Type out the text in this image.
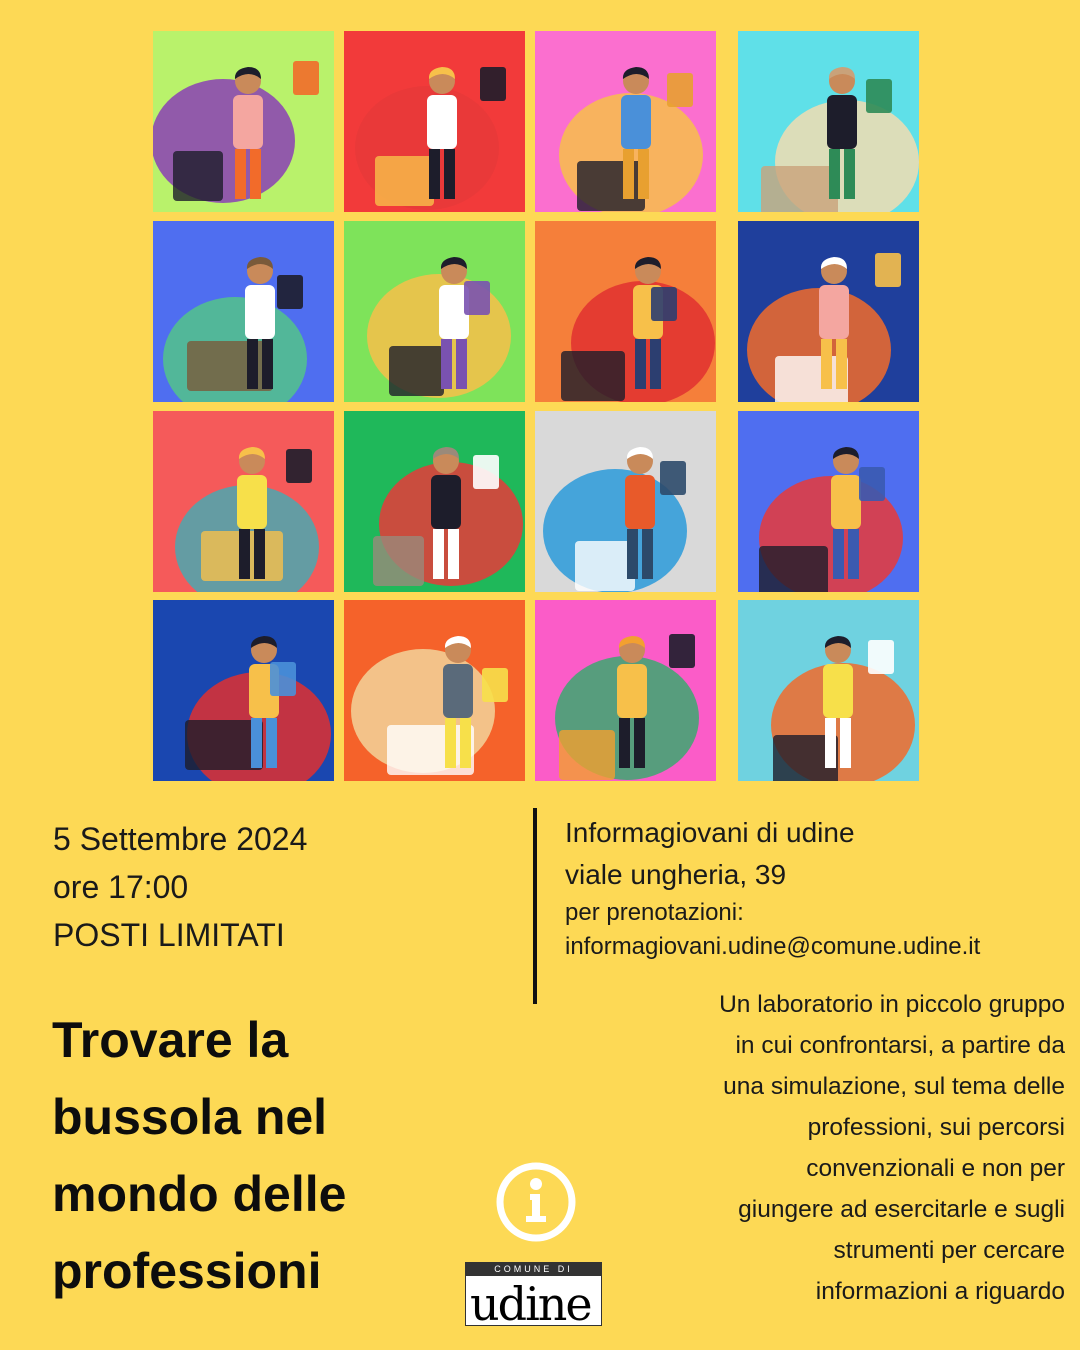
5 Settembre 2024
ore 17:00
POSTI LIMITATI
Informagiovani di udine
viale ungheria, 39
per prenotazioni:
informagiovani.udine@comune.udine.it
Trovare la
bussola nel
mondo delle
professioni
Un laboratorio in piccolo gruppo
in cui confrontarsi, a partire da
una simulazione, sul tema delle
professioni, sui percorsi
convenzionali e non per
giungere ad esercitarle e sugli
strumenti per cercare
informazioni a riguardo
COMUNE DI
udine
